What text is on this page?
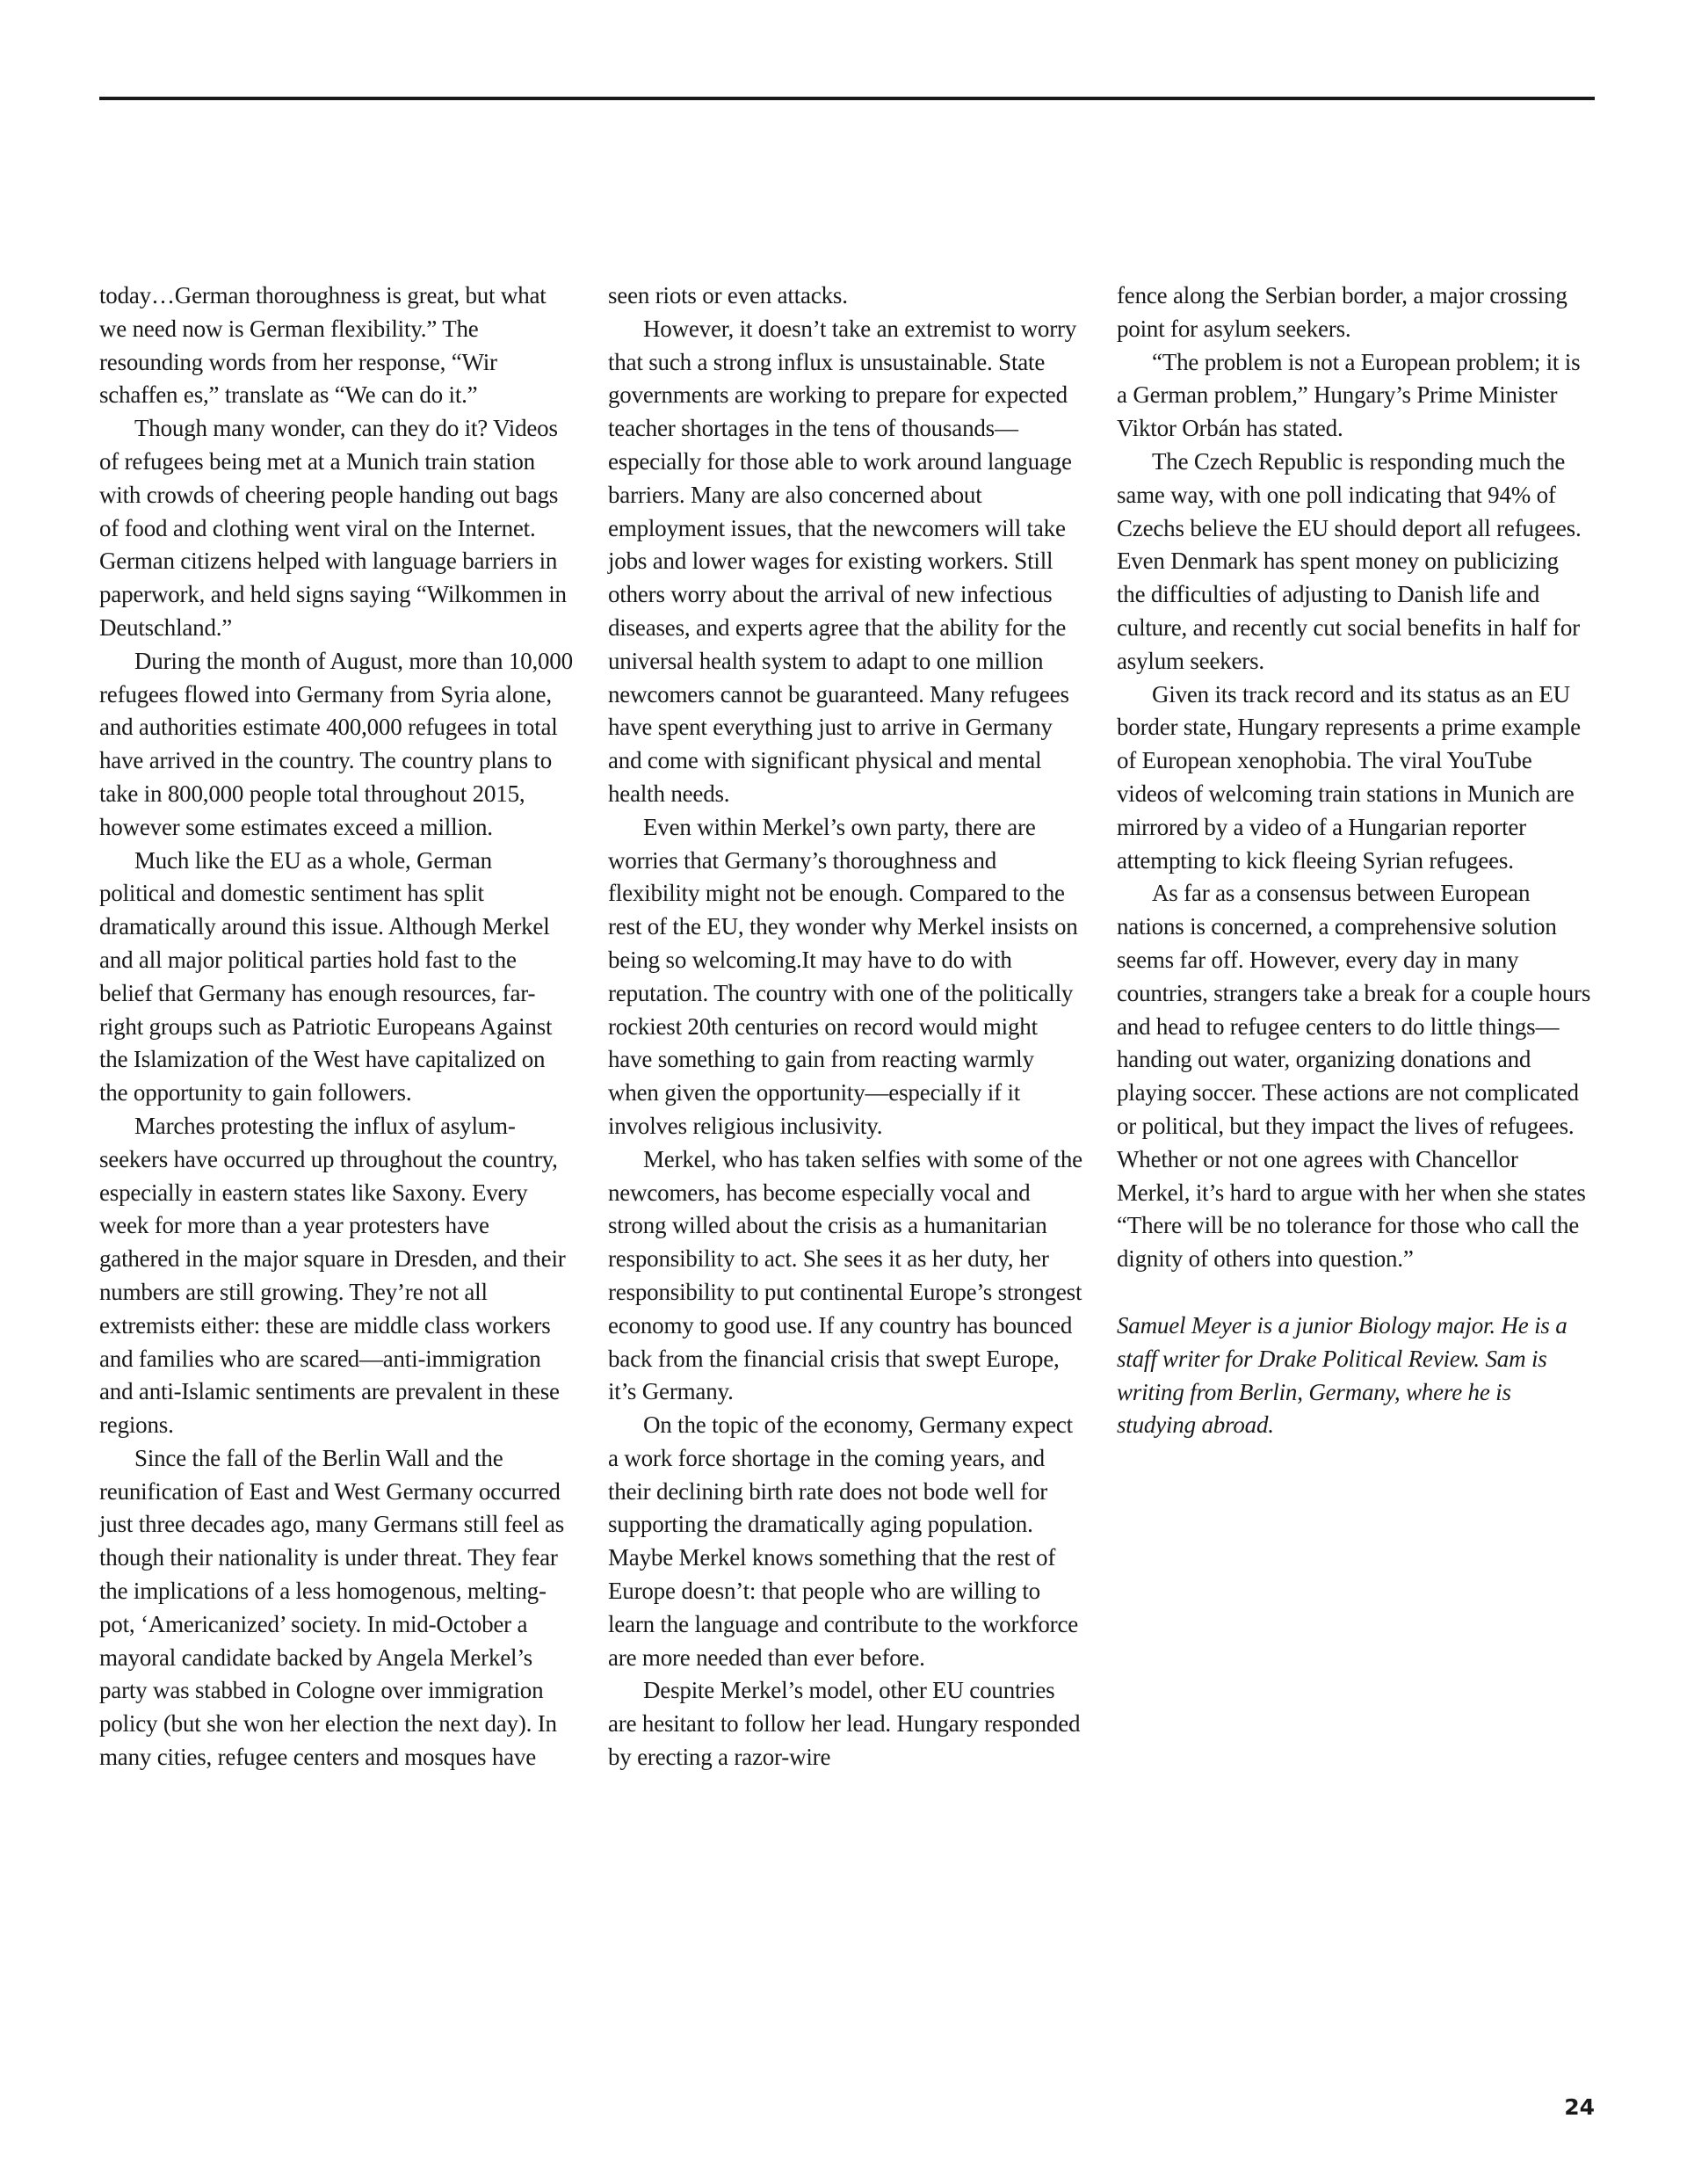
today…German thoroughness is great, but what we need now is German flexibility.” The resounding words from her response, “Wir schaffen es,” translate as “We can do it.”

Though many wonder, can they do it? Videos of refugees being met at a Munich train station with crowds of cheering people handing out bags of food and clothing went viral on the Internet. German citizens helped with language barriers in paperwork, and held signs saying “Wilkommen in Deutschland.”

During the month of August, more than 10,000 refugees flowed into Germany from Syria alone, and authorities estimate 400,000 refugees in total have arrived in the country. The country plans to take in 800,000 people total throughout 2015, however some estimates exceed a million.

Much like the EU as a whole, German political and domestic sentiment has split dramatically around this issue. Although Merkel and all major political parties hold fast to the belief that Germany has enough resources, far-right groups such as Patriotic Europeans Against the Islamization of the West have capitalized on the opportunity to gain followers.

Marches protesting the influx of asylum-seekers have occurred up throughout the country, especially in eastern states like Saxony. Every week for more than a year protesters have gathered in the major square in Dresden, and their numbers are still growing. They’re not all extremists either: these are middle class workers and families who are scared—anti-immigration and anti-Islamic sentiments are prevalent in these regions.

Since the fall of the Berlin Wall and the reunification of East and West Germany occurred just three decades ago, many Germans still feel as though their nationality is under threat. They fear the implications of a less homogenous, melting-pot, ‘Americanized’ society. In mid-October a mayoral candidate backed by Angela Merkel’s party was stabbed in Cologne over immigration policy (but she won her election the next day). In many cities, refugee centers and mosques have

seen riots or even attacks.

However, it doesn’t take an extremist to worry that such a strong influx is unsustainable. State governments are working to prepare for expected teacher shortages in the tens of thousands—especially for those able to work around language barriers. Many are also concerned about employment issues, that the newcomers will take jobs and lower wages for existing workers. Still others worry about the arrival of new infectious diseases, and experts agree that the ability for the universal health system to adapt to one million newcomers cannot be guaranteed. Many refugees have spent everything just to arrive in Germany and come with significant physical and mental health needs.

Even within Merkel’s own party, there are worries that Germany’s thoroughness and flexibility might not be enough. Compared to the rest of the EU, they wonder why Merkel insists on being so welcoming.It may have to do with reputation. The country with one of the politically rockiest 20th centuries on record would might have something to gain from reacting warmly when given the opportunity—especially if it involves religious inclusivity.

Merkel, who has taken selfies with some of the newcomers, has become especially vocal and strong willed about the crisis as a humanitarian responsibility to act. She sees it as her duty, her responsibility to put continental Europe’s strongest economy to good use. If any country has bounced back from the financial crisis that swept Europe, it’s Germany.

On the topic of the economy, Germany expect a work force shortage in the coming years, and their declining birth rate does not bode well for supporting the dramatically aging population. Maybe Merkel knows something that the rest of Europe doesn’t: that people who are willing to learn the language and contribute to the workforce are more needed than ever before.

Despite Merkel’s model, other EU countries are hesitant to follow her lead. Hungary responded by erecting a razor-wire

fence along the Serbian border, a major crossing point for asylum seekers.

“The problem is not a European problem; it is a German problem,” Hungary’s Prime Minister Viktor Orbán has stated.

The Czech Republic is responding much the same way, with one poll indicating that 94% of Czechs believe the EU should deport all refugees. Even Denmark has spent money on publicizing the difficulties of adjusting to Danish life and culture, and recently cut social benefits in half for asylum seekers.

Given its track record and its status as an EU border state, Hungary represents a prime example of European xenophobia. The viral YouTube videos of welcoming train stations in Munich are mirrored by a video of a Hungarian reporter attempting to kick fleeing Syrian refugees.

As far as a consensus between European nations is concerned, a comprehensive solution seems far off. However, every day in many countries, strangers take a break for a couple hours and head to refugee centers to do little things—handing out water, organizing donations and playing soccer. These actions are not complicated or political, but they impact the lives of refugees. Whether or not one agrees with Chancellor Merkel, it’s hard to argue with her when she states “There will be no tolerance for those who call the dignity of others into question.”

Samuel Meyer is a junior Biology major. He is a staff writer for Drake Political Review. Sam is writing from Berlin, Germany, where he is studying abroad.

24
